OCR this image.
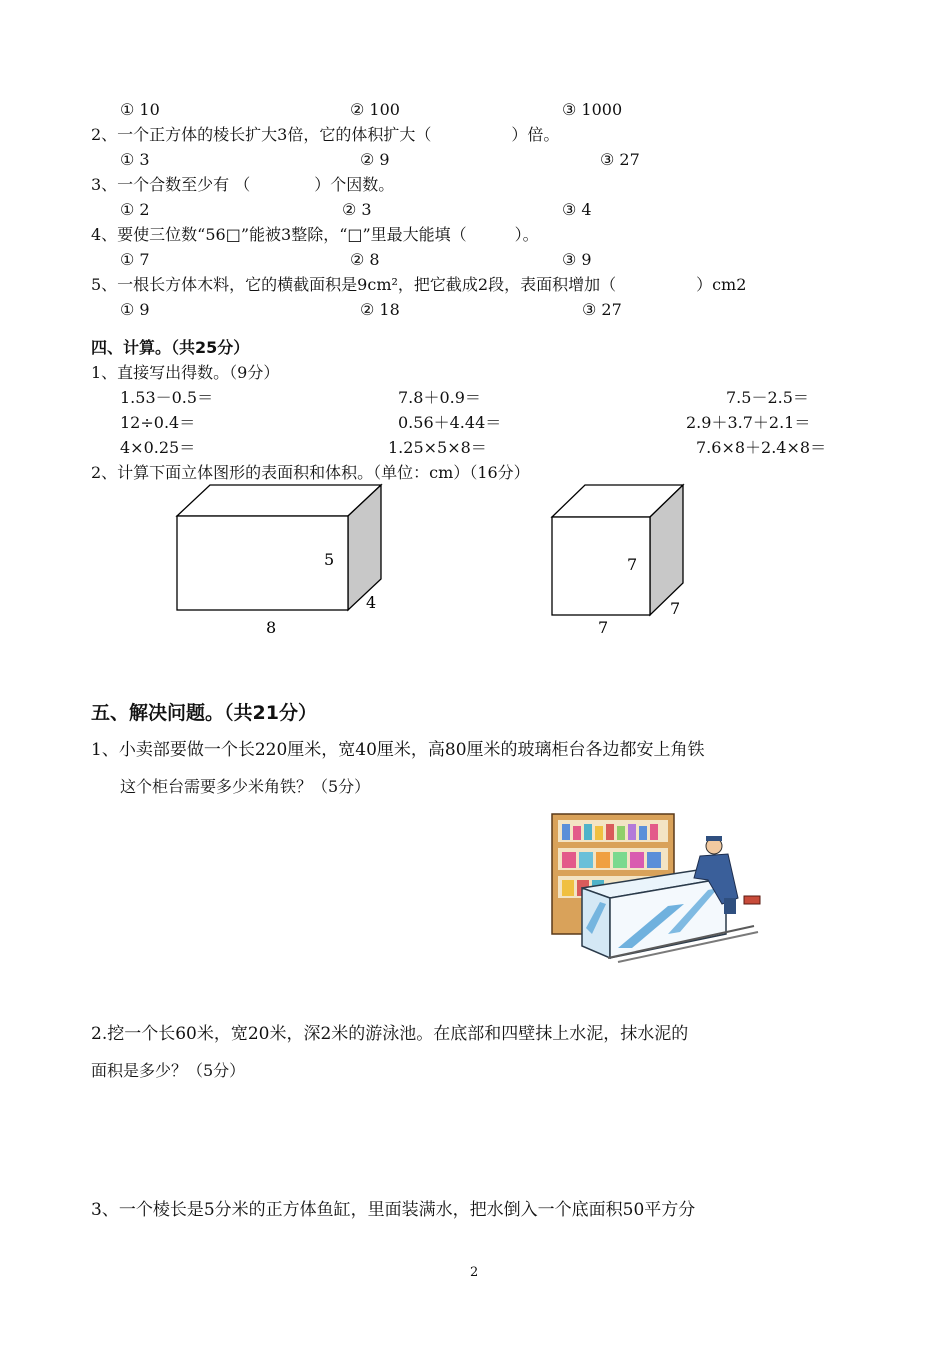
① 10	② 100	③ 1000
2、一个正方体的棱长扩大3倍，它的体积扩大（　　　　　）倍。
① 3	② 9	③ 27
3、一个合数至少有 （　　　　）个因数。
① 2	② 3	③ 4
4、要使三位数“56□”能被3整除，“□”里最大能填（　　　）。
① 7	② 8	③ 9
5、一根长方体木料，它的横截面积是9cm²，把它截成2段，表面积增加（　　　　　）cm2
① 9	② 18	③ 27
四、计算。（共25分）
1、直接写出得数。（9分）
1.53－0.5＝	7.8＋0.9＝	7.5－2.5＝
12÷0.4＝	0.56＋4.44＝	2.9＋3.7＋2.1＝
4×0.25＝	1.25×5×8＝	7.6×8＋2.4×8＝
2、计算下面立体图形的表面积和体积。（单位：cm）（16分）
5
4
8
7
7
7
五、解决问题。（共21分）
1、小卖部要做一个长220厘米，宽40厘米，高80厘米的玻璃柜台各边都安上角铁
这个柜台需要多少米角铁？（5分）
2.挖一个长60米，宽20米，深2米的游泳池。在底部和四壁抹上水泥，抹水泥的
面积是多少？（5分）
3、一个棱长是5分米的正方体鱼缸，里面装满水，把水倒入一个底面积50平方分
2
